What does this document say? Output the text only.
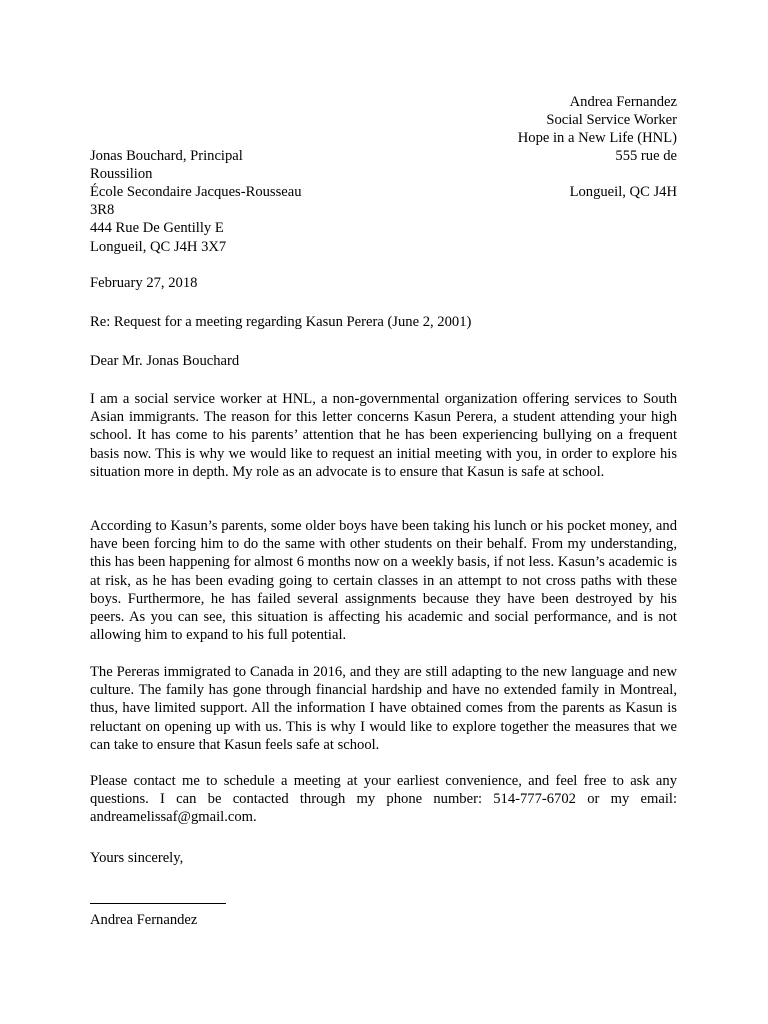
Andrea Fernandez
Social Service Worker
Hope in a New Life (HNL)
555 rue de
Longueil, QC J4H
Jonas Bouchard, Principal
Roussilion
École Secondaire Jacques-Rousseau
3R8
444 Rue De Gentilly E
Longueil, QC J4H 3X7
February 27, 2018
Re: Request for a meeting regarding Kasun Perera (June 2, 2001)
Dear Mr. Jonas Bouchard
I am a social service worker at HNL, a non-governmental organization offering services to South Asian immigrants. The reason for this letter concerns Kasun Perera, a student attending your high school. It has come to his parents’ attention that he has been experiencing bullying on a frequent basis now. This is why we would like to request an initial meeting with you, in order to explore his situation more in depth. My role as an advocate is to ensure that Kasun is safe at school.
According to Kasun’s parents, some older boys have been taking his lunch or his pocket money, and have been forcing him to do the same with other students on their behalf. From my understanding, this has been happening for almost 6 months now on a weekly basis, if not less. Kasun’s academic is at risk, as he has been evading going to certain classes in an attempt to not cross paths with these boys. Furthermore, he has failed several assignments because they have been destroyed by his peers. As you can see, this situation is affecting his academic and social performance, and is not allowing him to expand to his full potential.
The Pereras immigrated to Canada in 2016, and they are still adapting to the new language and new culture. The family has gone through financial hardship and have no extended family in Montreal, thus, have limited support. All the information I have obtained comes from the parents as Kasun is reluctant on opening up with us. This is why I would like to explore together the measures that we can take to ensure that Kasun feels safe at school.
Please contact me to schedule a meeting at your earliest convenience, and feel free to ask any questions. I can be contacted through my phone number: 514-777-6702 or my email: andreamelissaf@gmail.com.
Yours sincerely,
Andrea Fernandez
